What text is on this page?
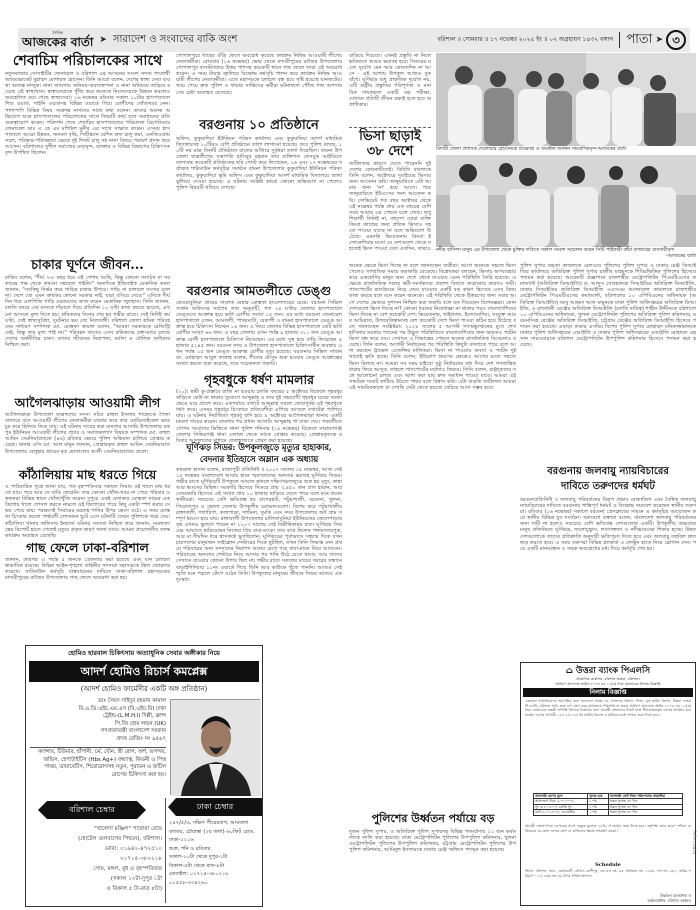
দৈনিক
আজকের বার্তা ➤ সারাদেশ ও সংবাদের বাকি অংশ	বরিশাল ॥ সোমবার ॥ ১৭ নভেম্বর ২০২৫ ইং ॥ ০২ অগ্রহায়ণ ১৪৩২ বঙ্গাব্দ পাতা ➤ ৩
শেবাচিম পরিচালকের সাথে
নতুনবাজার সোসাইটির জেনারেল ও বরিশাল এর আসনের সংসদ সদস্য পদপ্রার্থী অ্যাডভোকেট মুহাম্মদ মোশারফ হোসেন। তিনি আরো বলেন, দেশের স্বাস্থ্য সেবা ব্যবস্থা অত্যন্ত নাজুক। নানা জায়গায় অনিয়ম-অব্যবস্থাপনা ও নানা অনিয়মে জড়িয়ে রয়েছে এই স্বাস্থ্যখাত। স্বাস্থ্যসেবাকে পুঁজি করে অনেকে নিজেদেরকে উন্নয়ন করলেও অবহেলিত রয়ে গেছে স্বাস্থ্যসেবা। ১৬ নভেম্বর রবিবার সকাল ১০টায় হাসপাতালে শিশু ওয়ার্ড, গাইনি ওয়ার্ডসহ বিভিন্ন ওয়ার্ডে গিয়ে রোগীদের খোঁজখবর নেন। পাশাপাশি বিভিন্ন বিষয় সংক্রান্ত নার্সদের সাথে কথা বলেন। তাদের অনেক অভিযোগ শুনে হাসপাতালের পরিচালকের সাথে বিষয়টি কথা বলে সমাধানের প্রতি গুরুত্বারোপ করেন। পরিদর্শন শেষে শেবাচিম হাসপাতালের পরিচালক ব্রিগেডিয়ার জেনারেল ডাঃ এ কে এম মশিউল মুনীর এর সাথে সাক্ষাত করেন। এসময় হাসপাতালে আরো উন্নয়ন, জনবল বৃদ্ধি, সিটিস্ক্যান মেশিন দ্রুত চালু করা, এনজিওগ্রাম সচল, পরিষ্কার-পরিচ্ছন্নতা ক্ষেত্রে দুই শিফট চালু সহ নানা বিষয়ে পরামর্শ প্রদান করে আসেন। বরিশালের সুশীল সমাজের নেতৃবৃন্দ, ডাক্তার ও বিভিন্ন বিভাগের চিকিৎসকবৃন্দ উপস্থিত ছিলেন।
চাকার ঘূর্ণনে জীবন...
রাকিব বলেন, "দীর্ঘ ৭-৮ বছর ধরে এই পেশায় আছি, কিন্তু কোনো সংগঠন বা সরকারের পক্ষ থেকে কখনো সহায়তা পাইনি।" অন্যদিকে ইজিবাইক মেকানিক কমল জানান, "সবকিছু নির্ভর করে গাড়ির চাকার উপরে। গাড়ি না চালালে সংসার চলে না। দেশে তো এমন কার্যকর কোনো সরকার নাই, যারা বসিয়ে দেবে।" এদিকে দীর্ঘদিন ধরে এলপিজি গাড়ি মেরামতের কাজ করেন মেকানিক জুলহাস। তিনি জানান, চলতি বছরে এক মাসকে দাঁড়াতে দিয়ে প্রতিদিন ১০ ঘণ্টা কাজ করতে হয়েছে, এখনো আসলে মূল্য দিতে হয়। শ্রমিকদের দিনের শেষ হয় গভীর রাতে। সেই নির্দিষ্ট কর্মঘণ্টা, সেই স্বাস্থ্যসুবিধা, দুর্ঘটনার ভয় তো নিত্যসঙ্গী। বরিশাল জেলা শ্রমিক পরিবহনের সাধারণ সম্পাদক মো. মোস্তফা কামাল বলেন, "আমরা সরকারকে রেজিস্ট্রি নেই, কিন্তু তার মূল্য পাই না।" পরিবহন খাতের এসব শ্রমিকদের রক্ত-ঘামে চলছে দেশের অর্থনীতির চাকা। তাদের জীবনের নিরাপত্তা, মর্যাদা ও মৌলিক অধিকার নিশ্চিত করা।
আগৈলঝাড়ায় আওয়ামী লীগ
আগৈলঝাড়া উপজেলা ছাত্রদলের সদস্য সচিব রাহুল ইসলাম শাহেদকে পৈলা বাজারে বসে আওয়ামী লীগের নেতাকর্মীরা মারধর করে তার মোটরসাইকেল ভাঙচুর করে ছিনিয়ে নিয়ে যায়। এই ঘটনায় দায়ের করা মামলার আসামি উপজেলার রত্নপুর ইউনিয়ন আওয়ামী লীগের প্রচার ও সমাজকল্যাণ বিষয়ক সম্পাদক মো. রুহুল আমিন সেরনিয়াবাতকে (৪৬) রবিবার ভোরে পুলিশ অভিযান চালিয়ে গ্রেপ্তার করেছে। থানার ওসি মো. আল মামুন জানান, গ্রেপ্তারকৃত রুহুল আমিন সেরনিয়াবাত উপজেলার বেলুহার গ্রামের মৃত মোতালেব আলী সেরনিয়াবাতের ছেলে।
কাঁঠালিয়ায় মাছ ধরতে গিয়ে
ও পারিবারিক সূত্রে জানা যায়, গত বৃহস্পতিবার সকালে সিয়াম ওই খালে মাছ ধরতে যায়। পরে আর সে বাড়ি ফেরেনি। তার কোনো খোঁজ-খবর না পেয়ে পরিবার ও স্বজনরা বিভিন্ন স্থানে খোঁজাখুঁজি করেন। দুপুরে একই এলাকার মোস্তফা নামের এক কিশোর খালে গোসল করতে নামলে ওই কিশোরের পায়ে কিছু একটা স্পর্শ করায় সে ভয় পেয়ে যায়। পরক্ষণেই সিয়ামের মরদেহ পানির উপর ভেসে ওঠে। এ সময় মোস্তফা চিৎকার করলে পার্শ্ববর্তী লোকজন ছুটে এসে ঘটনাটি জেনে পুলিশকে খবর দেয়। কাঁঠালিয়া থানার অফিসার ইনচার্জ ঘটনার সত্যতা নিশ্চিত করে জানান, ময়নাতদন্তের রিপোর্ট হাতে পেলেই মৃত্যুর প্রকৃত কারণ জানা যাবে। আমরা প্রয়োজনীয় তদন্ত কার্যক্রম অব্যাহত রেখেছি।
গাছ ফেলে ঢাকা-বরিশাল
জানান, তারপর এ পর্যন্ত ৫ জনকে গ্রেফতার করা হয়েছে এবং যান চলাচল স্বাভাবিক রয়েছে। বিভিন্ন আইন-শৃঙ্খলা বাহিনীর সদস্যরা মহাসড়কে টহল জোরদার করেছে। সাটডাউন কর্মসূচি বাস্তবায়নের দাবিতে ঢাকা-বরিশাল মহাসড়কের মাদারীপুরের রাজৈর উপজেলায় গাছ ফেলে অবরোধ করা হয়।
গোপালপুরে গাছের গুঁড়ি ফেলে অবরোধ করেছে কার্যক্রম নিষিদ্ধ আওয়ামী লীগের নেতাকর্মীরা। রোববার (১৬ নভেম্বর) ভোর থেকে মাদারীপুরের রাজৈর উপজেলার গোপালপুর বাসস্ট্যান্ডের উত্তর পাশসহ কয়েকটি স্থানে গাছ ফেলে তারা এই অবরোধ করেন। এ সময় টায়ার জ্বালিয়ে বিক্ষোভ কর্মসূচি পালন করে কার্যক্রম নিষিদ্ধ আওয়ামী লীগের নেতাকর্মীরা। এতে মহাসড়কে চলাচল বন্ধ হয়ে সৃষ্টি হয়েছে যানজটের। খবর পেয়ে দ্রুত পুলিশ ও ফায়ার সার্ভিসের কর্মীরা ঘটনাস্থলে পৌঁছে গাছ অপসারণের চেষ্টা অব্যাহত রেখেছে।
বরগুনায় ১০ প্রতিষ্ঠানে
অফিস, কুকুয়াদিয়া ইউনিয়ন পরিষদ কার্যালয় এবং কুকুয়াদিয়া আদর্শ মাধ্যমিক বিদ্যালয়সহ ১০টিরও বেশি প্রতিষ্ঠানে তালা লাগানো হয়েছে। তবে পুলিশ বলছে, ১০টি নয় মাত্র তিনটি প্রতিষ্ঠানে রাতের আঁধারে দুর্বৃত্তরা তালা দিয়েছিল। বামনা উপজেলা ছাত্রলীগের সভাপতি হাসিবুর রহমান তার ব্যক্তিগত ফেসবুক আইডিতে তালাবদ্ধ কয়েকটি প্রতিষ্ঠানের ছবি পোস্ট করে লিখেছেন, ১৬ এবং ১৭ নভেম্বরের সর্বাত্মক শাটডাউন কর্মসূচির সমর্থনে বামনা উপজেলার কুকুয়াদিয়া ইউনিয়ন পরিষদ কার্যালয়, কুকুয়াদিয়া ভূমি অফিস এবং কুকুয়াদিয়া আদর্শ মাধ্যমিক বিদ্যালয়ে তালা ঝুলিয়ে দেওয়া হয়েছে। এ ঘটনায় সংশ্লিষ্ট কারো কোনো অভিযোগ না পেলেও পুলিশ বিষয়টি খতিয়ে দেখছে।
বরগুনার আমতলীতে ডেঙ্গু
কেওয়াবুনিয়া গ্রামের সালেক মেম্বার মোস্তফা হাওলাদারের মেয়ে। বরগুনা সিভিল সার্জন অফিসের সর্বশেষ তথ্য অনুযায়ী, গত ২৪ ঘণ্টায় জেলার হাসপাতালে ডেঙ্গুতে আক্রান্ত হয়ে ভর্তি রোগীর সংখ্যা ১৫ জন। এর মধ্যে বরগুনা জেনারেল হাসপাতালে ৫জন, আমতলী, পাথরঘাটা, বেতাগী ও বামনা হাসপাতালে ডেঙ্গু আক্রান্ত হয়ে চিকিৎসা নিচ্ছেন ১৪ জন। এ নিয়ে জেলার বিভিন্ন হাসপাতালে মোট ভর্তি রোগীর সংখ্যা ৬৬ জন। এ বছর জেলায় এখন পর্যন্ত ৯ হাজার ৩১১ জন ডেঙ্গু আক্রান্ত রোগী হাসপাতালে চিকিৎসা নিয়েছেন। এর মধ্যে সুস্থ হয়ে বাড়ি ফিরেছেন ৯ হাজার ৫২৪৫ জন। বরগুনা সদর ও উপজেলা হাসপাতালে চিকিৎসাধীন অবস্থায় এখন পর্যন্ত ১৫ জন ডেঙ্গু আক্রান্ত রোগীর মৃত্যু হয়েছে। বরগুনার সিভিল সার্জন ডা. মোহাম্মদ আবুল ফাত্তাহ বলেন, শীতের মৌসুম শুরু হওয়ায় ডেঙ্গু আক্রান্তের সংখ্যা কমতে শুরু করেছে, তবে সচেতনতা জরুরি।
গৃহবধুকে ধর্ষণ মামলার
(২০)। স্বামী কু-প্রস্তাবে রাজি না হওয়ায় চলতি বছরের ৫ অক্টোবর বিকেলে গৃহবধূর বাড়িতে কেউ না থাকার সুযোগে আব্দুল্লাহ ও তার দুই সহযোগী গৃহবধূর ঘরের দরজা ভেঙে ঘরে প্রবেশ করে। একপর্যায়ে বখাটে আব্দুল্লাহ সবলে জোরপূর্বক ওই গৃহবধূকে ধর্ষণ করে। এসময় গৃহবধূর চিৎকারে প্রতিবেশীরা এগিয়ে আসলে বখাটেরা পালিয়ে যায়। এ ঘটনায় নির্যাতিতা গৃহবধূ বাদি হয়ে ৯ অক্টোবর আগৈলঝাড়া থানায় একটি মামলা দায়ের করেন। মামলার পর প্রধান আসামি আব্দুল্লাহ গা ঢাকা দেয়। পরবর্তীতে গোপন সংবাদের ভিত্তিতে থানা পুলিশ শনিবার (১৫ নভেম্বর) বিকেলে নারায়ণগঞ্জ জেলার সিদ্ধিরগঞ্জ থানা এলাকা থেকে তাকে গ্রেপ্তার করেছে। গ্রেপ্তারকৃতকে রবিবার আদালতের মাধ্যমে জেলহাজতে প্রেরণ করা হয়েছে।
ঘূর্ণিঝড় সিডর: উপকূলজুড়ে মৃত্যুর হাহাকার,
বেদনার ইতিহাসে অম্লান এক অধ্যায়
কামরুল হাসান বলেন, রাজাপুরী প্রতিনিধি ॥ ২০০৭ সালের ১৫ নভেম্বর, আজ সেই ১৫ নভেম্বর বাংলাদেশে আবার হানে স্মরণকালের অন্যতম ভয়াবহ ঘূর্ণিঝড় সিডর। গভীর রাতে ঘূর্ণিঝড়টি উপকূলে আঘাত হানলে দক্ষিণাঞ্চলজুড়ে শুরু হয় মৃত্যু, কান্না আর ধ্বংসের মিছিল। সরকারি হিসেবে সিডরে প্রায় ৩,৪৫০ জন প্রাণ হারান, আর বেসরকারি হিসেবে এই সংখ্যা প্রায় ১০ হাজার ছাড়িয়ে যেতে পারে বলে মনে করেন স্থানীয়রা। সবচেয়ে বেশি ক্ষতিগ্রস্ত হয় বাগেরহাট, পটুয়াখালী, বরগুনা, খুলনা, পিরোজপুর ও ভোলা জেলার উপকূলীয় চরাঞ্চলগুলো। বিশেষ করে পটুয়াখালীর রাঙ্গাবালী, গলাচিপা, কলাপাড়া, দশমিনা, দুমকি এবং সদর উপজেলার অর্ধ গ্রাম সম্পূর্ণ ধ্বংসে হয়ে যায়। রাঙ্গাবালী উপজেলার চালিতাবুনিয়া ইউনিয়নের জেলেপাড়ার বৃদ্ধ এখনও ভুলতে পারেন না ২০০৭ সালের সেই বিভীষিকাময় রাত। ঘূর্ণিঝড় সিডরের আঘাতে হারিয়েছেন নিজের প্রিয় বাবা-মাকে। তার বাবা ছিলেন গঙ্গামাতারপুত্র, আর মা দীর্ঘদিন ধরে শ্বাসকষ্টে ভুগছিলেন। ঘূর্ণিঝড়ের পূর্বাভাসে সন্ধ্যার দিকে যখন চারপাশের মানুষজন সাইক্লোন শেল্টারের দিকে ছুটছিল, তখন তিনি সিদ্ধান্ত নেন প্রথমে পরিবারের অন্য সদস্যদের নিরাপদ আশ্রয় রেখে পরে বাবা-মাকে নিয়ে আসবেন। পরিবারের অন্যদের শেল্টারে নিয়ে আসার পর পানি উঠে যেতে থাকে, আর তাদের সেখানে যাওয়ার কোনো উপায় ছিল না। গভীর রাতে সকলের মায়ের খবরের সন্ধানে বাড়াইশিদিয়ার ১১নং ওয়ার্ডে গিয়ে তিনি আর কাউকে খুঁজে পাননি। আজও সেই স্মৃতি মনে পড়লে কেঁপে ওঠেন তিনি। উপকূলের মানুষের জীবনে সিডর আজও এক দুঃস্বপ্ন।
বাড়িয়ে দিয়েছে। এখনই প্রস্তুতি না নিলে ভবিষ্যতে আরও ভয়াবহ হবে। সিডরের মতো দুর্যোগ যেন আর কোনোদিন না আসে - এই আশায় উপকূল আজও বুক বাঁধে। ঘূর্ণিঝড় শুধু প্রাকৃতিক দুর্যোগ নয়, এটি রাষ্ট্রীয় প্রস্তুতির পরিপূর্ণতা ও মানবিক দায়বদ্ধতা একটি বড় পরীক্ষা, যেখানে প্রতিটি জীবন রক্ষাই হতে হবে অগ্রাধিকার।
ভিসা ছাড়াই
৩৮ দেশে
জটিলতার কারণে যেতে পারেননি দুই দেশের কোনোটিতেই। বিবিসি বাংলাকে তিনি বলেন, অক্টোবরে দুবাইয়ের ভিসার জন্য আবেদন করি। জানুয়ারিতে এটা আমার জন্য 'না' হয়ে আসে। পরে জানুয়ারিতে ইউএসের জন্য আবেদন করি। সোভিয়েট গত বছর অক্টোবর থেকে এই নভেম্বর পর্যন্ত প্রায় এক বছরের বেশি সময় আমার এর পেছনে চলে গেছে। শুধু শিক্ষার্থী তিনিই না, বহুদেশ ঘোরা ব্যক্তি কিংবা কাজের জন্য প্রতিক ভিসাও সহজে পাওয়া যাচ্ছে না বলে অভিযোগ উঠেছে। এমনকি ভিয়েতনাম কিংবা ইন্দোনেশিয়ার মতো যে দেশগুলো থেকে সহজেই ভিসা পাওয়া যেত এতদিন, তারাও
অনেক ক্ষেত্রে ভিসা দিচ্ছে না বলে জানাচ্ছেন যাত্রীরা। আগে অনেকে সহজে ভিসা পেলেও সাম্প্রতিক সময়ে কড়াকড়ি বেড়েছে। বিশ্লেষকরা বলছেন, ভিসার অপব্যবহার করে একশ্রেণির মানুষ অন্য দেশে থেকে যাওয়ায় এমন পরিস্থিতি তৈরি হয়েছে। এক্ষেত্রে রাজনৈতিক দলের কর্মী-সমর্থকদের প্রকাশ্য বিবাদে জড়ানোর কারণও দায়ী। পাসপোর্টের র‍্যাংকিংয়ে নিচে নেমে যাওয়ার একটি বড় কারণ হিসেবে এসব বিষয় কাজ করছে বলে মনে করেন অনেকে। এই পরিস্থিতি থেকে উত্তরণের জন্য সবার আগে দেশের ভেতরে সুশাসন নিশ্চিত করা জরুরি বলে মত দিয়েছেন বিশেষজ্ঞরা। কোন দেশগুলো ভিসা দিচ্ছে না? কোনো ধরনের নিষেধাজ্ঞা না থাকার পরও বাংলাদেশিদের ভিসা দিচ্ছে না বেশ কয়েকটি দেশ। ভিয়েতনাম, থাইল্যান্ড, ইন্দোনেশিয়া, সংযুক্ত আরব আমিরাত, উজবেকিস্তানসহ বেশ কয়েকটি দেশে ভিসা পাওয়া কঠিন হয়ে উঠেছে বলে জানাচ্ছেন সংশ্লিষ্টরা। ২০২৪ সালের ৫ আগস্ট গণঅভ্যুত্থানের মুখে শেখ হাসিনার সরকার পতনের পর উদ্ভূত পরিস্থিতিতে বাংলাদেশিদের জন্য ভারতও পর্যটন ভিসা বন্ধ করে দেয়। সেখানে এ সিদ্ধান্তের পেছনে অনেক রাজনৈতিক বিবেচনাও রয়েছে। তিনি বলেন, আগামী নির্বাচনের পর পরিস্থিতি কিছুটা বদলাতে পারে বলে আশা করছেন ট্রাভেল এজেন্সির মালিকরা। ভিসা না পাওয়ায় ব্যবসা ও পর্যটন দুই খাতেই ক্ষতি হচ্ছে। তিনি বলেন, ইউরোপ ভ্রমণের ক্ষেত্রেও আগের মতো সহজে ভিসা মিলছে না। আমরা সব সময় চাইবো সুষ্ঠু নির্বাচনের মধ্য দিয়ে দেশ গণতান্ত্রিক ধারায় ফিরে আসুক, তাহলে পাসপোর্টের মর্যাদাও ফিরবে। তিনি বলেন, রাষ্ট্রদূতদের সঙ্গে আলোচনা চলছে এবং আশা করা যায় দ্রুত সমাধান পাওয়া যাবে। আমরা এই সাময়িক সংকট কাটিয়ে উঠতে পারব বলে বিশ্বাস করি। এটা বাড়তি জটিলতা আমরা এই সাময়িককালে যা দেখছি সেটা থেকে হয়তো বেরিয়ে আসা সম্ভব হবে।
বিদায়ী জেলা প্রশাসক দেলোয়ার হোসেনকে শুভেচ্ছা ও সংবর্ধনা জানান সাংবাদিকবৃন্দ-আজকের বার্তা
নদীর বাসিন্দা মানুষ এর উপজেলা থেকে মুক্তির দাবিতে সকাল সংবাদ সম্মেলন করেন সিটি পাইকারী কাঁচা বাজারের ব্যবসায়ীবৃন্দ
-আজকের বার্তা
পুলিশ সুপার অমৃতা কাজলকে রেলওয়ে পুলিশের পুলিশ সুপার ও ঢাকার রেঞ্জ ডিআইজির কার্যালয়ে অতিরিক্ত পুলিশ সুপার রাজীব মাহমুদকে শিবিরভিত্তিক পুলিশের হিসেবে পদায়ন করা হয়েছে। আরেকটি প্রজ্ঞাপনে রাজশাহীর মেট্রোপলিটন পিএমটিএসের কমান্ড্যান্ট (অতিরিক্ত ডিআইজি) ড. আব্দুস সোবহানকে সিআইডির অতিরিক্ত ডিআইজি, ঢাকার সিআইডির অতিরিক্ত ডিআইজি এএসএম আনছারুল কামালকে রাজশাহীর মেট্রোপলিটন পিএমটিএসের কমান্ড্যান্ট, বরিশালের ১০ এপিবিএনের অধিনায়ক (অতিরিক্ত ডিআইজি) আবু আহমদ আল মামুনকে ঢাকা পুলিশ অধিদপ্তরের অতিরিক্ত ডিআইজি, ৪ রাজধানী রেঞ্জের অতিরিক্ত ডিআইজি (চলতি দায়িত্ব) শাহীন উদ্দীনকে বরিশালে ১০ এপিবিএনের অধিনায়ক, খুলনা মেট্রোপলিটন পুলিশের অতিরিক্ত পুলিশ কমিশনার, ময়মনসিংহ রেঞ্জের অতিরিক্ত ডিআইজি, চট্টগ্রাম রেঞ্জের অতিরিক্ত ডিআইজি হিসেবে পদায়ন করা হয়েছে। এছাড়া ঢাকার এসবির বিশেষ পুলিশ সুপার মোহাম্মদ মনিরুজ্জামানকে ঢাকার পুলিশ অধিদপ্তরের এআইজি ও ঢাকার পুলিশ অধিদপ্তরের এআইজি মোহাম্মদ এহসান সারওয়ারকে বরিশাল মেট্রোপলিটন উপপুলিশ কমিশনার হিসেবে পদায়ন করা হয়েছে।
বরগুনায় জলবায়ু ন্যায়বিচারের
দাবিতে তরুণদের ধর্মঘট
বরগুনাপ্রতিনিধি ॥ জলবায়ু পরিবর্তনের বিরূপ প্রভাব মোকাবিলা এবং বৈশ্বিক জলবায়ু ন্যায়বিচারের দাবিতে বরগুনায় শান্তিপূর্ণ ধর্মঘট ও বিক্ষোভ সমাবেশ করেছেন স্থানীয় তরুণরা। রবিবার (১৬ নভেম্বর) সকালে বরগুনা প্রেসক্লাবের সামনে এ কর্মসূচির আয়োজন করে স্থানীয় বিভিন্ন যুব সংগঠন। সমাবেশে বক্তারা বলেন, বাংলাদেশ জলবায়ু পরিবর্তনের জন্য দায়ী না হলেও সবচেয়ে বেশি ক্ষতিগ্রস্ত দেশগুলোর একটি। উপকূলীয় অঞ্চলের মানুষ প্রতিনিয়ত ঘূর্ণিঝড়, জলোচ্ছ্বাস, লবণাক্ততা ও নদীভাঙনের শিকার হচ্ছে। উন্নত দেশগুলোকে তাদের প্রতিশ্রুতি অনুযায়ী ক্ষতিপূরণ দিতে হবে এবং জলবায়ু তহবিল দ্রুত ছাড় করতে হবে। এ সময় তরুণরা বিভিন্ন প্ল্যাকার্ড ও ফেস্টুন হাতে নিয়ে স্লোগান দেন। পরে একটি মানববন্ধন ও সড়ক অবরোধের মধ্য দিয়ে কর্মসূচি শেষ হয়।
পুলিশের উর্ধ্বতন পর্যায়ে বড়
দুজন পুলিশ সুপার, ও অতিরিক্ত পুলিশ সুপারসহ বিভিন্ন পদমর্যাদার ১১ জন কর্মকর্তাকে বদলি করা হয়েছে। ঢাকা মেট্রোপলিটন পুলিশের উপপুলিশ কমিশনার, খুলনা মেট্রোপলিটন পুলিশের উপপুলিশ কমিশনার, চট্টগ্রাম মেট্রোপলিটন পুলিশের উপপুলিশ কমিশনার, আমিনুল ইসলামকে ঢাকার রেঞ্জ অফিসে পদায়ন করা হয়েছে।
হোমিও হারবাল চিকিৎসায় অত্যাধুনিক সেবার অঙ্গীকার নিয়ে
আদর্শ হোমিও রিচার্স কমপ্লেক্স
(আদর্শ হোমিও ফার্মেসীর একটি অঙ্গ প্রতিষ্ঠান)
ডাঃ সৈয়দ সাইদুর রহমান কামাল
বি.এ.ডি.এইচ.এম.এস (বি.এইচ.বি) ঢাকা
ট্রেইন্ড-(L.M.H.I) দিল্লী, ফ্রান্স
পি.জি হোম লন্ডন (UK)
গণপ্রজাতন্ত্রী বাংলাদেশ সরকার
প্রদত্ত রেজিঃ নং ৯৫৬৭
ক্যান্সার, টিউমার, হাঁপানী, চর্ম, যৌন, স্ত্রী রোগ, অর্শ, ভগন্দর, জন্ডিস, হেপাটাইটিস (Hbs Ag+) বন্ধ্যাত্ব, কিডনী ও পিত্ত পাথর, ডায়াবেটিস, শিরোরোগসহ নতুন, পুরাতন ও জটিল রোগের চিকিৎসা করা হয়।
ঢাকা চেম্বার
বরিশাল চেম্বার
"খালেদা মঞ্জিল" প্যারারা রোড
(হোটেল গুলবাগের পিছনে), বরিশাল।
মোবা: ০১৯৪২-৪৭২৫১০
০১৭১৫-৩৮০২১৮
সোম, মঙ্গল, বুধ ও বৃহস্পতিবার
(সকাল ১০টা-দুপুর ১টা
ও বিকাল ৫ টা-রাত ৮টা)
২৪৭/৫/এ, দক্ষিণ পীরেরবাগ, আমতলা
বাজার, চৌরাস্তা (২য় তলা) ৬০ফিট রোড,
ঢাকা-১২১৬
শুক্র, শনি ও রবিবার
সকাল-১০টা থেকে দুপুর-১টা
বিকাল-৫টা থেকে রাত-৮টা
মোবাইল: ০১৭১৫-৩৮০২১৮
০১৫৫৮-৩৩৪২৬০
⌂ উত্তরা ব্যাংক পিএলসি
আঞ্চলিক কার্যালয়, বরিশাল অঞ্চল, বরিশাল।
অর্থঋণ আদালত আইন-২০০৩ এর ১২(৩) ধারা মোতাবেক নিলাম বিজ্ঞপ্তি
নিলাম বিজ্ঞপ্তি
এতদ্বারা সর্বসাধারণের অবগতির জন্য জানানো যাচ্ছে যে, আসলাম বিশ্বাস, পিতা- মৃত হামিদ বিশ্বাস, উত্তরা ব্যাংক পিএলসি, বরিশাল শাখা হতে ঋণ গ্রহণ করে যথাসময়ে পরিশোধ না করায় অর্থঋণ আদালত আইন ২০০৩ এর ১২(৩) ধারা মোতাবেক বন্ধকী সম্পত্তি নিলামে বিক্রয়ের জন্য আগ্রহী ক্রেতাদের নিকট হতে সীলমোহরকৃত দরপত্র আহ্বান করা যাচ্ছে। দরপত্র আগামী ১৫/১২/২০২৫ ইং তারিখ বিকাল ৩ ঘটিকার মধ্যে শাখায় জমা দিতে হবে।
অনাদায়ী ঋণের মূল্য	সুদের হার	অনাদায়ী মোট টাকা পরিশোধের সময়সীমা
আসলঋণ টাকা ৫,০০,০০০/-	১০%	সকল সুদসহ ৩০ দিন
সুদ ৩,২০,৫০০/- চলতি সুদ	১০%	সকল সুদসহ ৩০ দিন
মোট ৮,২০,৫০০/- এর অধিক	১০%	সকল সুদসহ ৩০ দিন
আগ্রহী ক্রেতাগণকে দরপত্রের সাথে দরকৃত মূল্যের ২৫% পে-অর্ডার জমা দিতে হবে। কর্তৃপক্ষ কোন কারণ দর্শানো ব্যতিরেকে যে কোন দরপত্র গ্রহণ বা বাতিলের ক্ষমতা সংরক্ষণ করেন।
Schedule
জিলা- বরিশাল, থানা- কোতয়ালী, মৌজা- কাশীপুর, জে.এল নং- ৪৬, খতিয়ান নং- ১২৩৪, দাগ নং- ৫৬৭, জমির পরিমাণ ০.০৫ একর সহ এর উপর নির্মিত স্থাপনা।
উর্ধ্বতন ব্যবস্থাপক ও
অঞ্চলপ্রধান, বরিশাল অঞ্চল।
জিডি-১২৩/২৫
